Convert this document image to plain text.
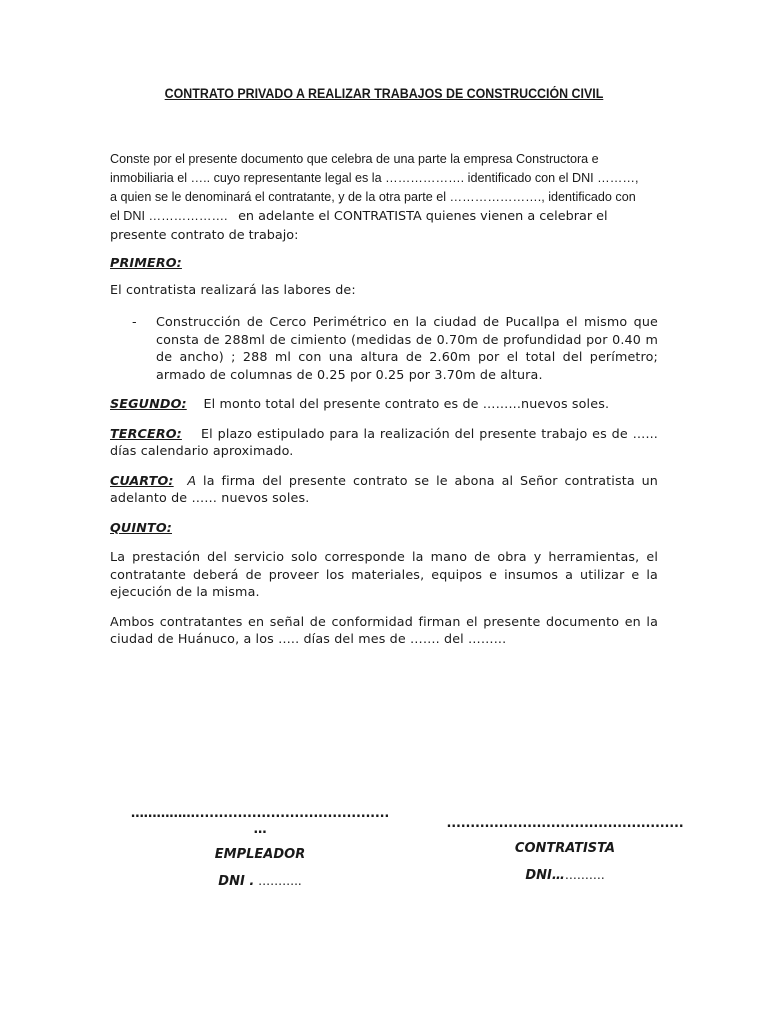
CONTRATO PRIVADO A REALIZAR TRABAJOS DE CONSTRUCCIÓN CIVIL
Conste por el presente documento que celebra de una parte la empresa Constructora e
inmobiliaria el ….. cuyo representante legal es la ………………. identificado con el DNI ………,
a quien se le denominará el contratante, y de la otra parte el …………………., identificado con
el DNI ………………. en adelante el CONTRATISTA quienes vienen a celebrar el
presente contrato de trabajo:

PRIMERO:

El contratista realizará las labores de:

- Construcción de Cerco Perimétrico en la ciudad de Pucallpa el mismo que consta de 288ml de cimiento (medidas de 0.70m de profundidad por 0.40 m de ancho) ; 288 ml con una altura de 2.60m por el total del perímetro; armado de columnas de 0.25 por 0.25 por 3.70m de altura.

SEGUNDO: El monto total del presente contrato es de ……...nuevos soles.

TERCERO: El plazo estipulado para la realización del presente trabajo es de …... días calendario aproximado.

CUARTO: A la firma del presente contrato se le abona al Señor contratista un adelanto de …… nuevos soles.

QUINTO:

La prestación del servicio solo corresponde la mano de obra y herramientas, el contratante deberá de proveer los materiales, equipos e insumos a utilizar e la ejecución de la misma.

Ambos contratantes en señal de conformidad firman el presente documento en la ciudad de Huánuco, a los ….. días del mes de ……. del ……...

…………….........................................
…
EMPLEADOR
DNI . ………..
..................................................
CONTRATISTA
DNI………….
